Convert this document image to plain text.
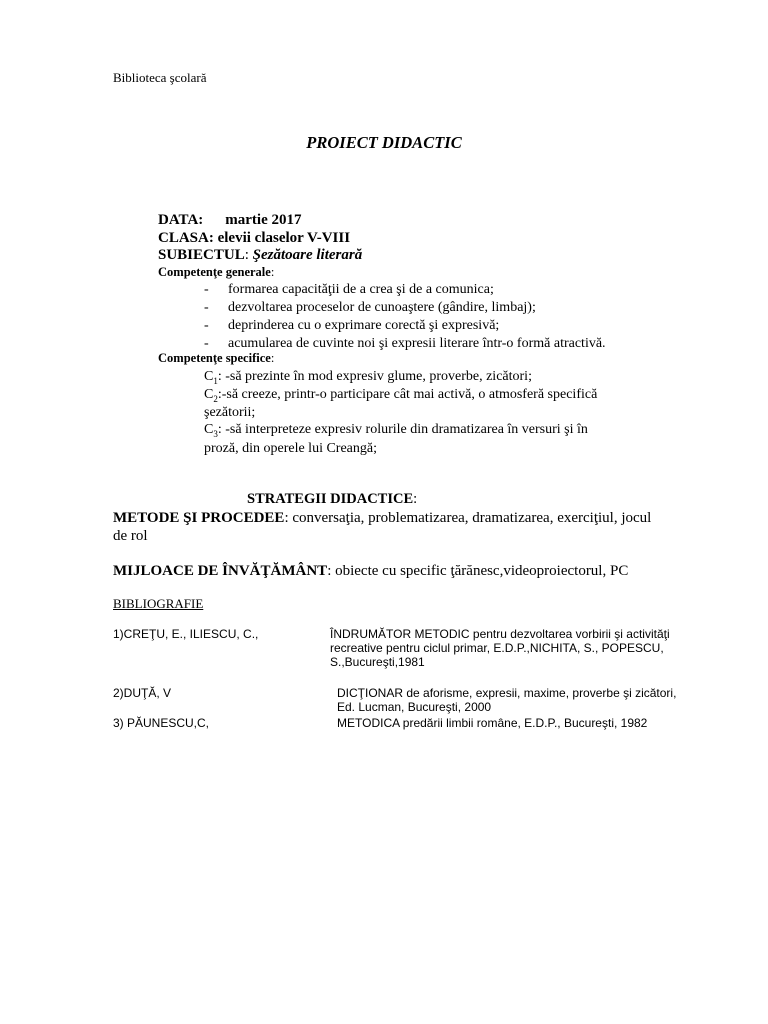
Biblioteca şcolară
PROIECT DIDACTIC
DATA: martie 2017
CLASA: elevii claselor V-VIII
SUBIECTUL: Şezătoare literară
Competenţe generale:
- formarea capacităţii de a crea şi de a comunica;
- dezvoltarea proceselor de cunoaştere (gândire, limbaj);
- deprinderea cu o exprimare corectă şi expresivă;
- acumularea de cuvinte noi şi expresii literare într-o formă atractivă.
Competenţe specifice:
$C_1$: -să prezinte în mod expresiv glume, proverbe, zicători;
$C_2:-să$ creeze, printr-o participare cât mai activă, o atmosferă specifică
şezătorii;
$C_3$: -să interpreteze expresiv rolurile din dramatizarea în versuri şi în
proză, din operele lui Creangă;
STRATEGII DIDACTICE:
METODE ŞI PROCEDEE: conversaţia, problematizarea, dramatizarea, exerciţiul, jocul
de rol
MIJLOACE DE ÎNVĂŢĂMÂNT: obiecte cu specific ţărănesc,videoproiectorul, PC
BIBLIOGRAFIE
1)CREŢU, E., ILIESCU, C.,	ÎNDRUMĂTOR METODIC pentru dezvoltarea vorbirii şi activităţi recreative pentru ciclul primar, E.D.P.,NICHITA, S., POPESCU, S.,Bucureşti,1981
2)DUŢĂ, V	DICŢIONAR de aforisme, expresii, maxime, proverbe şi zicători, Ed. Lucman, Bucureşti, 2000
3) PĂUNESCU,C,	METODICA predării limbii române, E.D.P., Bucureşti, 1982
